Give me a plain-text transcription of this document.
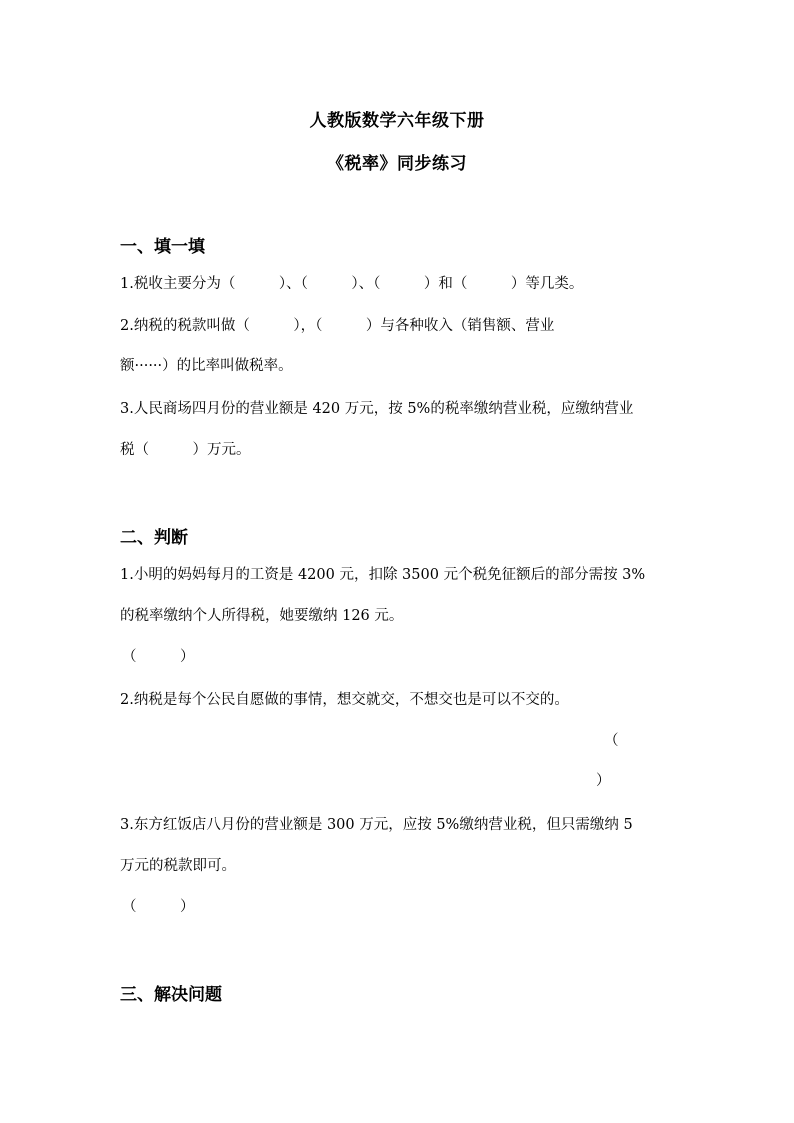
人教版数学六年级下册
《税率》同步练习
一、填一填
1.税收主要分为（　　　）、（　　　）、（　　　）和（　　　）等几类。
2.纳税的税款叫做（　　　），（　　　）与各种收入（销售额、营业
额······）的比率叫做税率。
3.人民商场四月份的营业额是 420 万元，按 5%的税率缴纳营业税，应缴纳营业
税（　　　）万元。
二、判断
1.小明的妈妈每月的工资是 4200 元，扣除 3500 元个税免征额后的部分需按 3%
的税率缴纳个人所得税，她要缴纳 126 元。
（　　　）
2.纳税是每个公民自愿做的事情，想交就交，不想交也是可以不交的。
（
）
3.东方红饭店八月份的营业额是 300 万元，应按 5%缴纳营业税，但只需缴纳 5
万元的税款即可。
（　　　）
三、解决问题
